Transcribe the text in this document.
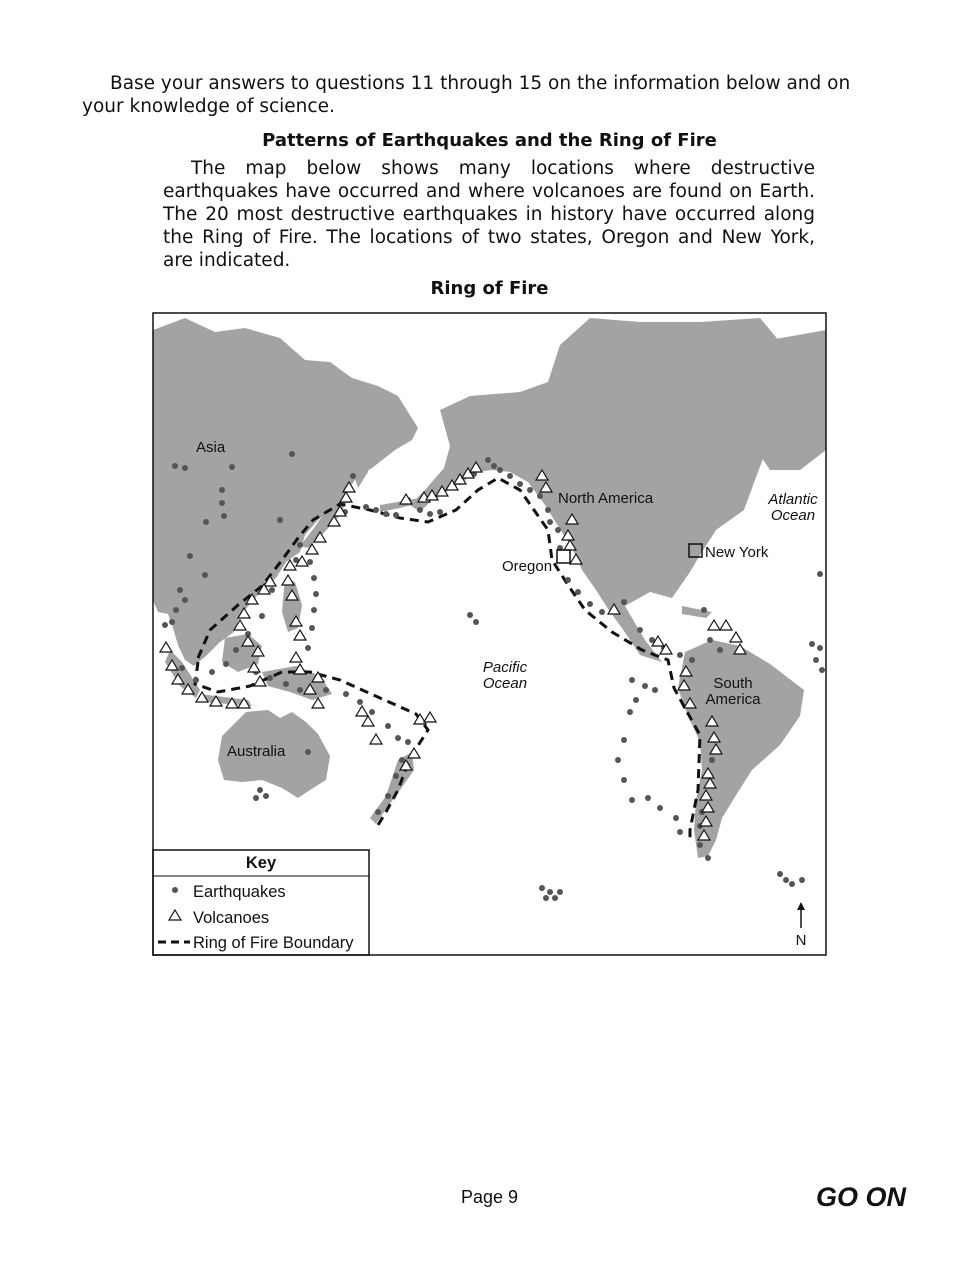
Base your answers to questions 11 through 15 on the information below and on your knowledge of science.
Patterns of Earthquakes and the Ring of Fire
The map below shows many locations where destructive earthquakes have occurred and where volcanoes are found on Earth. The 20 most destructive earthquakes in history have occurred along the Ring of Fire. The locations of two states, Oregon and New York, are indicated.
Ring of Fire
Asia
North America	Atlantic
Ocean
New York
Oregon
Pacific
Ocean	South
America
Australia
N
Key
Earthquakes
Volcanoes
Ring of Fire Boundary
Page 9	GO ON
